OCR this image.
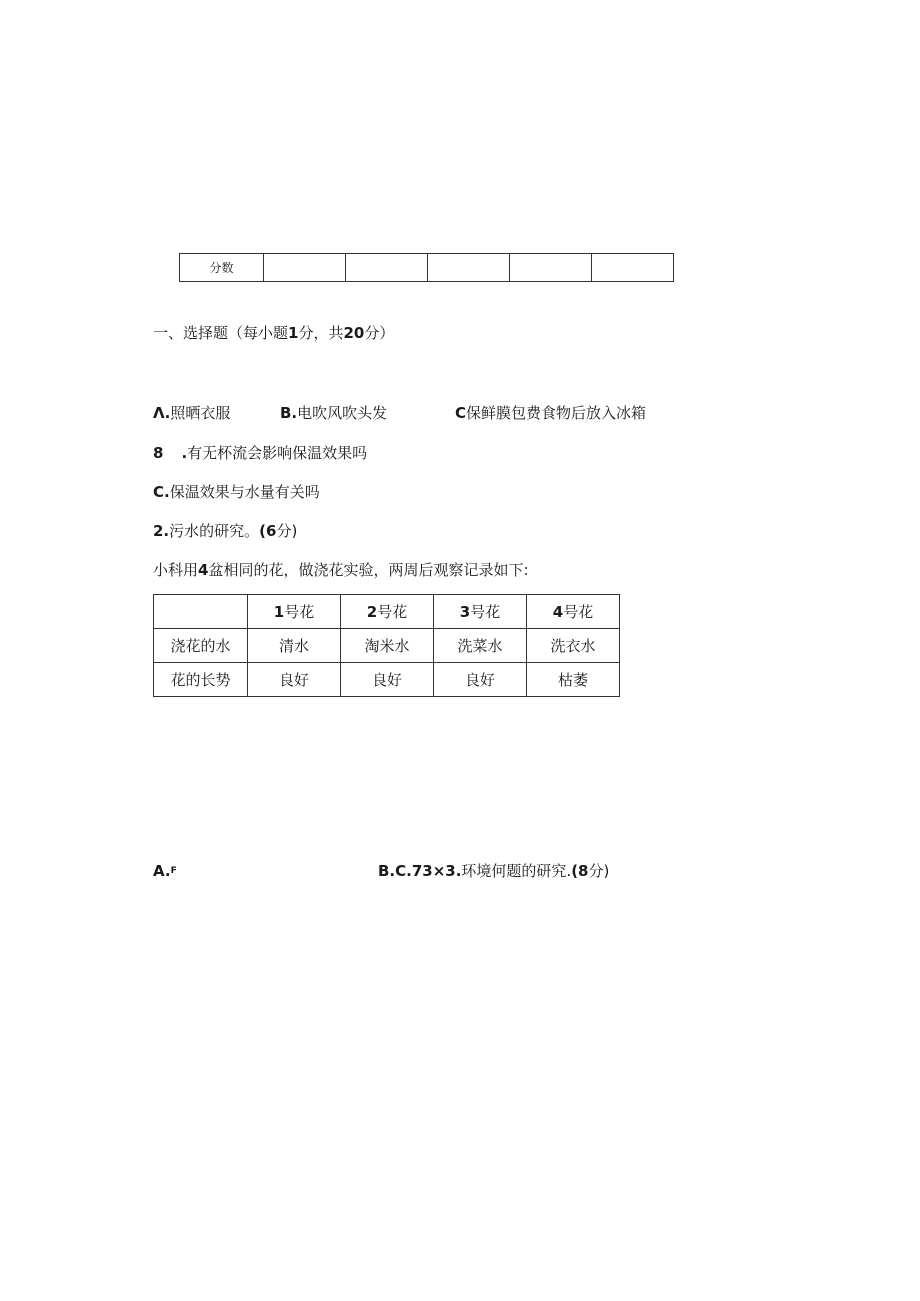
分数					
一、选择题（每小题1分，共20分）
Λ.照晒衣服	B.电吹风吹头发	C保鲜膜包费食物后放入冰箱
8 .有无杯流会影响保温效果吗
C.保温效果与水量有关吗
2.污水的研究。(6分)
小科用4盆相同的花，做浇花实验，两周后观察记录如下:
	1号花	2号花	3号花	4号花
浇花的水	清水	淘米水	洗菜水	洗衣水
花的长势	良好	良好	良好	枯萎
A.$^F$	B.C.73×3.环境何题的研究.(8分)
